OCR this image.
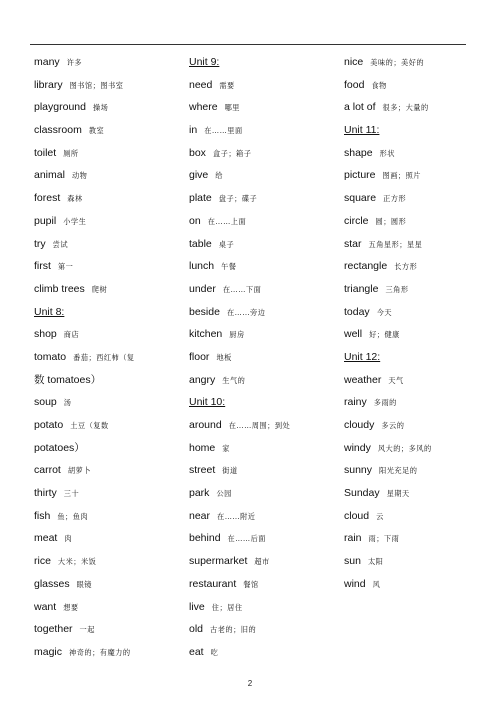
many 许多
library 图书馆；图书室
playground 操场
classroom 教室
toilet 厕所
animal 动物
forest 森林
pupil 小学生
try 尝试
first 第一
climb trees 爬树
Unit 8:
shop 商店
tomato 番茄；西红柿（复
数 tomatoes）
soup 汤
potato 土豆（复数
potatoes）
carrot 胡萝卜
thirty 三十
fish 鱼；鱼肉
meat 肉
rice 大米；米饭
glasses 眼镜
want 想要
together 一起
magic 神奇的；有魔力的
Unit 9:
need 需要
where 哪里
in 在……里面
box 盒子；箱子
give 给
plate 盘子；碟子
on 在……上面
table 桌子
lunch 午餐
under 在……下面
beside 在……旁边
kitchen 厨房
floor 地板
angry 生气的
Unit 10:
around 在……周围；到处
home 家
street 街道
park 公园
near 在……附近
behind 在……后面
supermarket 超市
restaurant 餐馆
live 住；居住
old 古老的；旧的
eat 吃
nice 美味的；美好的
food 食物
a lot of 很多；大量的
Unit 11:
shape 形状
picture 图画；照片
square 正方形
circle 圆；圆形
star 五角星形；星星
rectangle 长方形
triangle 三角形
today 今天
well 好；健康
Unit 12:
weather 天气
rainy 多雨的
cloudy 多云的
windy 风大的；多风的
sunny 阳光充足的
Sunday 星期天
cloud 云
rain 雨；下雨
sun 太阳
wind 风
2
